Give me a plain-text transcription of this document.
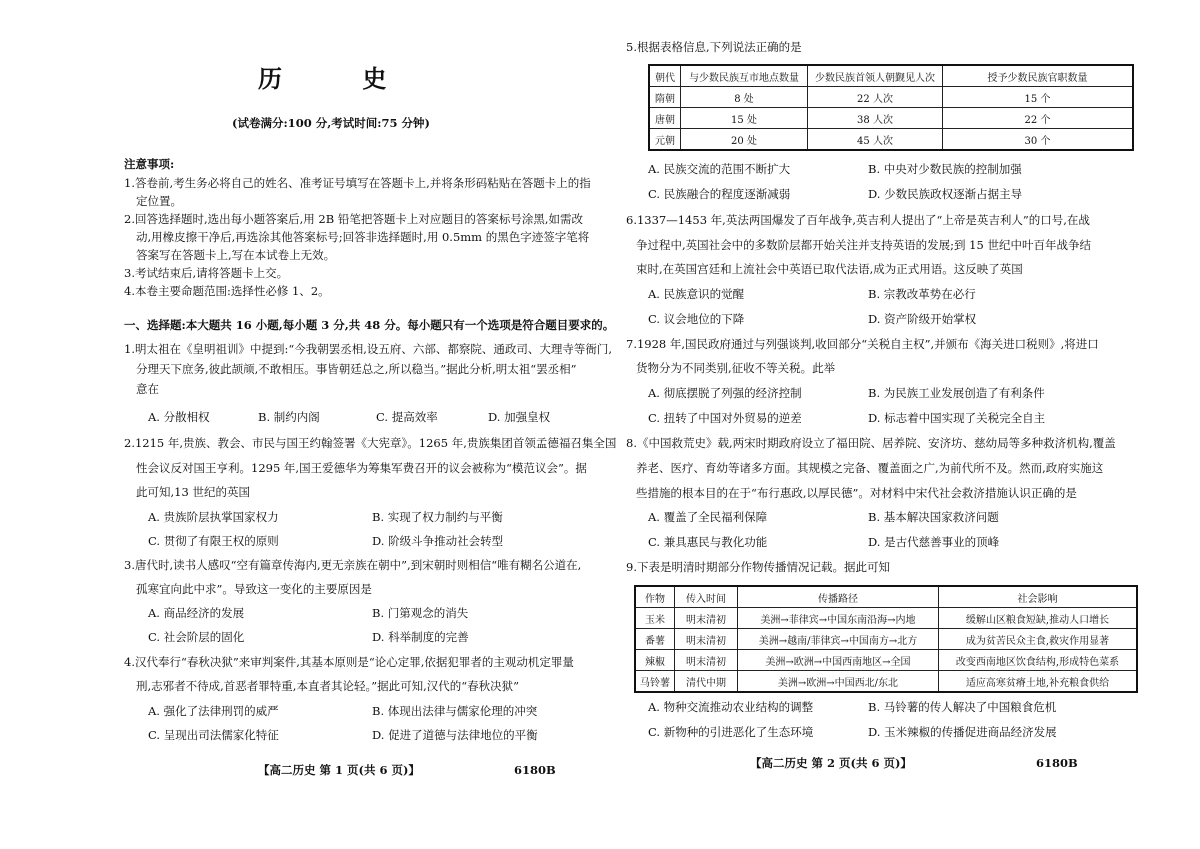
历 史
(试卷满分:100 分,考试时间:75 分钟)
注意事项:
1.答卷前,考生务必将自己的姓名、准考证号填写在答题卡上,并将条形码粘贴在答题卡上的指
定位置。
2.回答选择题时,选出每小题答案后,用 2B 铅笔把答题卡上对应题目的答案标号涂黑,如需改
动,用橡皮擦干净后,再选涂其他答案标号;回答非选择题时,用 0.5mm 的黑色字迹签字笔将
答案写在答题卡上,写在本试卷上无效。
3.考试结束后,请将答题卡上交。
4.本卷主要命题范围:选择性必修 1、2。
一、选择题:本大题共 16 小题,每小题 3 分,共 48 分。每小题只有一个选项是符合题目要求的。
1.明太祖在《皇明祖训》中提到:“今我朝罢丞相,设五府、六部、都察院、通政司、大理寺等衙门,
分理天下庶务,彼此颉颃,不敢相压。事皆朝廷总之,所以稳当。”据此分析,明太祖“罢丞相”
意在
A. 分散相权	B. 制约内阁	C. 提高效率	D. 加强皇权
2.1215 年,贵族、教会、市民与国王约翰签署《大宪章》。1265 年,贵族集团首领孟德福召集全国
性会议反对国王亨利。1295 年,国王爱德华为筹集军费召开的议会被称为“模范议会”。据
此可知,13 世纪的英国
A. 贵族阶层执掌国家权力	B. 实现了权力制约与平衡
C. 贯彻了有限王权的原则	D. 阶级斗争推动社会转型
3.唐代时,读书人感叹“空有篇章传海内,更无亲族在朝中”,到宋朝时则相信“唯有糊名公道在,
孤寒宜向此中求”。导致这一变化的主要原因是
A. 商品经济的发展	B. 门第观念的消失
C. 社会阶层的固化	D. 科举制度的完善
4.汉代奉行“春秋决狱”来审判案件,其基本原则是“论心定罪,依据犯罪者的主观动机定罪量
刑,志邪者不待成,首恶者罪特重,本直者其论轻。”据此可知,汉代的“春秋决狱”
A. 强化了法律刑罚的威严	B. 体现出法律与儒家伦理的冲突
C. 呈现出司法儒家化特征	D. 促进了道德与法律地位的平衡
【高二历史 第 1 页(共 6 页)】	6180B
5.根据表格信息,下列说法正确的是
朝代	与少数民族互市地点数量	少数民族首领人朝觐见人次	授予少数民族官职数量
隋朝	8 处	22 人次	15 个
唐朝	15 处	38 人次	22 个
元朝	20 处	45 人次	30 个
A. 民族交流的范围不断扩大	B. 中央对少数民族的控制加强
C. 民族融合的程度逐渐减弱	D. 少数民族政权逐渐占据主导
6.1337—1453 年,英法两国爆发了百年战争,英吉利人提出了“上帝是英吉利人”的口号,在战
争过程中,英国社会中的多数阶层都开始关注并支持英语的发展;到 15 世纪中叶百年战争结
束时,在英国宫廷和上流社会中英语已取代法语,成为正式用语。这反映了英国
A. 民族意识的觉醒	B. 宗教改革势在必行
C. 议会地位的下降	D. 资产阶级开始掌权
7.1928 年,国民政府通过与列强谈判,收回部分“关税自主权”,并颁布《海关进口税则》,将进口
货物分为不同类别,征收不等关税。此举
A. 彻底摆脱了列强的经济控制	B. 为民族工业发展创造了有利条件
C. 扭转了中国对外贸易的逆差	D. 标志着中国实现了关税完全自主
8.《中国救荒史》载,两宋时期政府设立了福田院、居养院、安济坊、慈幼局等多种救济机构,覆盖
养老、医疗、育幼等诸多方面。其规模之完备、覆盖面之广,为前代所不及。然而,政府实施这
些措施的根本目的在于“布行惠政,以厚民德”。对材料中宋代社会救济措施认识正确的是
A. 覆盖了全民福利保障	B. 基本解决国家救济问题
C. 兼具惠民与教化功能	D. 是古代慈善事业的顶峰
9.下表是明清时期部分作物传播情况记载。据此可知
作物	传入时间	传播路径	社会影响
玉米	明末清初	美洲→菲律宾→中国东南沿海→内地	缓解山区粮食短缺,推动人口增长
番薯	明末清初	美洲→越南/菲律宾→中国南方→北方	成为贫苦民众主食,救灾作用显著
辣椒	明末清初	美洲→欧洲→中国西南地区→全国	改变西南地区饮食结构,形成特色菜系
马铃薯	清代中期	美洲→欧洲→中国西北/东北	适应高寒贫瘠土地,补充粮食供给
A. 物种交流推动农业结构的调整	B. 马铃薯的传人解决了中国粮食危机
C. 新物种的引进恶化了生态环境	D. 玉米辣椒的传播促进商品经济发展
【高二历史 第 2 页(共 6 页)】	6180B
